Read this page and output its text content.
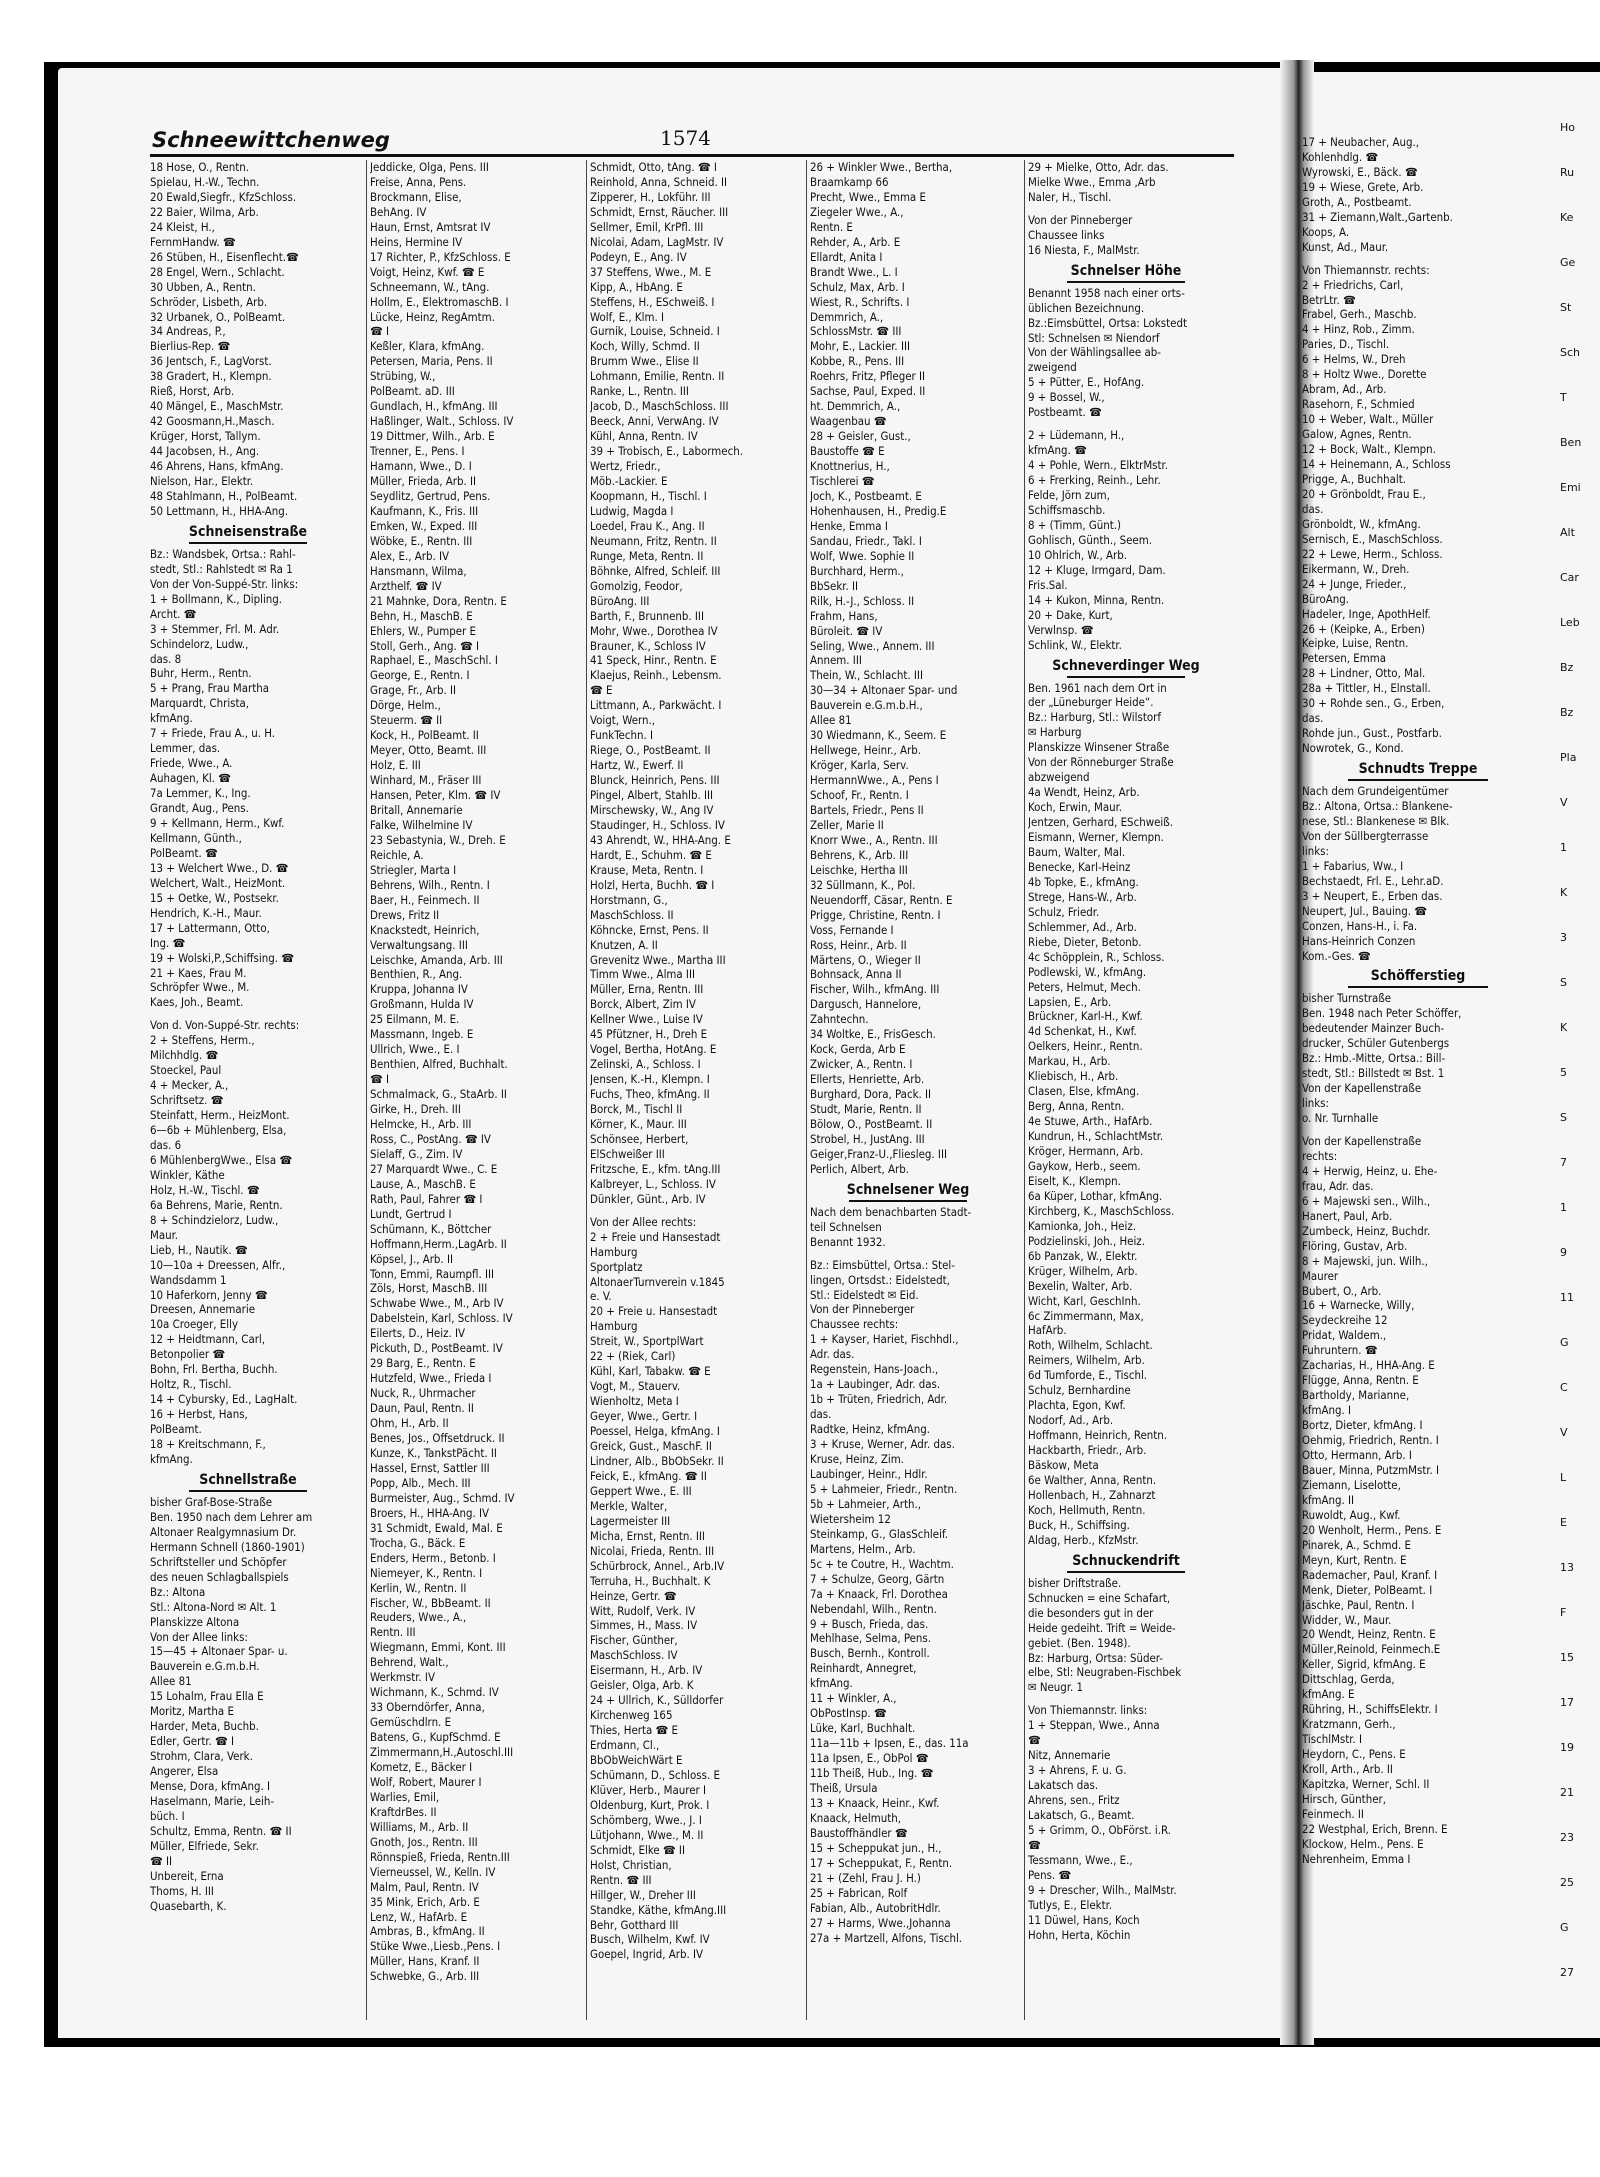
Schneewittchenweg	1574
18 Hose, O., Rentn.
Spielau, H.-W., Techn.
20 Ewald,Siegfr., KfzSchloss.
22 Baier, Wilma, Arb.
24 Kleist, H.,
FernmHandw. ☎
26 Stüben, H., Eisenflecht.☎
28 Engel, Wern., Schlacht.
30 Ubben, A., Rentn.
Schröder, Lisbeth, Arb.
32 Urbanek, O., PolBeamt.
34 Andreas, P.,
Bierlius-Rep. ☎
36 Jentsch, F., LagVorst.
38 Gradert, H., Klempn.
Rieß, Horst, Arb.
40 Mängel, E., MaschMstr.
42 Goosmann,H.,Masch.
Krüger, Horst, Tallym.
44 Jacobsen, H., Ang.
46 Ahrens, Hans, kfmAng.
Nielson, Har., Elektr.
48 Stahlmann, H., PolBeamt.
50 Lettmann, H., HHA-Ang.
Schneisenstraße
Bz.: Wandsbek, Ortsa.: Rahl-
stedt, Stl.: Rahlstedt ✉ Ra 1
Von der Von-Suppé-Str. links:
1 + Bollmann, K., Dipling.
Archt. ☎
3 + Stemmer, Frl. M. Adr.
Schindelorz, Ludw.,
das. 8
Buhr, Herm., Rentn.
5 + Prang, Frau Martha
Marquardt, Christa,
kfmAng.
7 + Friede, Frau A., u. H.
Lemmer, das.
Friede, Wwe., A.
Auhagen, Kl. ☎
7a Lemmer, K., Ing.
Grandt, Aug., Pens.
9 + Kellmann, Herm., Kwf.
Kellmann, Günth.,
PolBeamt. ☎
13 + Welchert Wwe., D. ☎
Welchert, Walt., HeizMont.
15 + Oetke, W., Postsekr.
Hendrich, K.-H., Maur.
17 + Lattermann, Otto,
Ing. ☎
19 + Wolski,P.,Schiffsing. ☎
21 + Kaes, Frau M.
Schröpfer Wwe., M.
Kaes, Joh., Beamt.
Von d. Von-Suppé-Str. rechts:
2 + Steffens, Herm.,
Milchhdlg. ☎
Stoeckel, Paul
4 + Mecker, A.,
Schriftsetz. ☎
Steinfatt, Herm., HeizMont.
6—6b + Mühlenberg, Elsa,
das. 6
6 MühlenbergWwe., Elsa ☎
Winkler, Käthe
Holz, H.-W., Tischl. ☎
6a Behrens, Marie, Rentn.
8 + Schindzielorz, Ludw.,
Maur.
Lieb, H., Nautik. ☎
10—10a + Dreessen, Alfr.,
Wandsdamm 1
10 Haferkorn, Jenny ☎
Dreesen, Annemarie
10a Croeger, Elly
12 + Heidtmann, Carl,
Betonpolier ☎
Bohn, Frl. Bertha, Buchh.
Holtz, R., Tischl.
14 + Cybursky, Ed., LagHalt.
16 + Herbst, Hans,
PolBeamt.
18 + Kreitschmann, F.,
kfmAng.
Schnellstraße
bisher Graf-Bose-Straße
Ben. 1950 nach dem Lehrer am
Altonaer Realgymnasium Dr.
Hermann Schnell (1860-1901)
Schriftsteller und Schöpfer
des neuen Schlagballspiels
Bz.: Altona
Stl.: Altona-Nord ✉ Alt. 1
Planskizze Altona
Von der Allee links:
15—45 + Altonaer Spar- u.
Bauverein e.G.m.b.H.
Allee 81
15 Lohalm, Frau Ella E
Moritz, Martha E
Harder, Meta, Buchb.
Edler, Gertr. ☎ I
Strohm, Clara, Verk.
Angerer, Elsa
Mense, Dora, kfmAng. I
Haselmann, Marie, Leih-
büch. I
Schultz, Emma, Rentn. ☎ II
Müller, Elfriede, Sekr.
☎ II
Unbereit, Erna
Thoms, H. III
Quasebarth, K.
Jeddicke, Olga, Pens. III
Freise, Anna, Pens.
Brockmann, Elise,
BehAng. IV
Haun, Ernst, Amtsrat IV
Heins, Hermine IV
17 Richter, P., KfzSchloss. E
Voigt, Heinz, Kwf. ☎ E
Schneemann, W., tAng.
Hollm, E., ElektromaschB. I
Lücke, Heinz, RegAmtm.
☎ I
Keßler, Klara, kfmAng.
Petersen, Maria, Pens. II
Strübing, W.,
PolBeamt. aD. III
Gundlach, H., kfmAng. III
Haßlinger, Walt., Schloss. IV
19 Dittmer, Wilh., Arb. E
Trenner, E., Pens. I
Hamann, Wwe., D. I
Müller, Frieda, Arb. II
Seydlitz, Gertrud, Pens.
Kaufmann, K., Fris. III
Emken, W., Exped. III
Wöbke, E., Rentn. III
Alex, E., Arb. IV
Hansmann, Wilma,
Arzthelf. ☎ IV
21 Mahnke, Dora, Rentn. E
Behn, H., MaschB. E
Ehlers, W., Pumper E
Stoll, Gerh., Ang. ☎ I
Raphael, E., MaschSchl. I
George, E., Rentn. I
Grage, Fr., Arb. II
Dörge, Helm.,
Steuerm. ☎ II
Kock, H., PolBeamt. II
Meyer, Otto, Beamt. III
Holz, E. III
Winhard, M., Fräser III
Hansen, Peter, Klm. ☎ IV
Britall, Annemarie
Falke, Wilhelmine IV
23 Sebastynia, W., Dreh. E
Reichle, A.
Striegler, Marta I
Behrens, Wilh., Rentn. I
Baer, H., Feinmech. II
Drews, Fritz II
Knackstedt, Heinrich,
Verwaltungsang. III
Leischke, Amanda, Arb. III
Benthien, R., Ang.
Kruppa, Johanna IV
Großmann, Hulda IV
25 Eilmann, M. E.
Massmann, Ingeb. E
Ullrich, Wwe., E. I
Benthien, Alfred, Buchhalt.
☎ I
Schmalmack, G., StaArb. II
Girke, H., Dreh. III
Helmcke, H., Arb. III
Ross, C., PostAng. ☎ IV
Sielaff, G., Zim. IV
27 Marquardt Wwe., C. E
Lause, A., MaschB. E
Rath, Paul, Fahrer ☎ I
Lundt, Gertrud I
Schümann, K., Böttcher
Hoffmann,Herm.,LagArb. II
Köpsel, J., Arb. II
Tonn, Emmi, Raumpfl. III
Zöls, Horst, MaschB. III
Schwabe Wwe., M., Arb IV
Dabelstein, Karl, Schloss. IV
Eilerts, D., Heiz. IV
Pickuth, D., PostBeamt. IV
29 Barg, E., Rentn. E
Hutzfeld, Wwe., Frieda I
Nuck, R., Uhrmacher
Daun, Paul, Rentn. II
Ohm, H., Arb. II
Benes, Jos., Offsetdruck. II
Kunze, K., TankstPächt. II
Hassel, Ernst, Sattler III
Popp, Alb., Mech. III
Burmeister, Aug., Schmd. IV
Broers, H., HHA-Ang. IV
31 Schmidt, Ewald, Mal. E
Trocha, G., Bäck. E
Enders, Herm., Betonb. I
Niemeyer, K., Rentn. I
Kerlin, W., Rentn. II
Fischer, W., BbBeamt. II
Reuders, Wwe., A.,
Rentn. III
Wiegmann, Emmi, Kont. III
Behrend, Walt.,
Werkmstr. IV
Wichmann, K., Schmd. IV
33 Oberndörfer, Anna,
Gemüschdlrn. E
Batens, G., KupfSchmd. E
Zimmermann,H.,Autoschl.III
Kometz, E., Bäcker I
Wolf, Robert, Maurer I
Warlies, Emil,
KraftdrBes. II
Williams, M., Arb. II
Gnoth, Jos., Rentn. III
Rönnspieß, Frieda, Rentn.III
Vierneussel, W., Kelln. IV
Malm, Paul, Rentn. IV
35 Mink, Erich, Arb. E
Lenz, W., HafArb. E
Ambras, B., kfmAng. II
Stüke Wwe.,Liesb.,Pens. I
Müller, Hans, Kranf. II
Schwebke, G., Arb. III
Schmidt, Otto, tAng. ☎ I
Reinhold, Anna, Schneid. II
Zipperer, H., Lokführ. III
Schmidt, Ernst, Räucher. III
Sellmer, Emil, KrPfl. III
Nicolai, Adam, LagMstr. IV
Podeyn, E., Ang. IV
37 Steffens, Wwe., M. E
Kipp, A., HbAng. E
Steffens, H., ESchweiß. I
Wolf, E., Klm. I
Gurnik, Louise, Schneid. I
Koch, Willy, Schmd. II
Brumm Wwe., Elise II
Lohmann, Emilie, Rentn. II
Ranke, L., Rentn. III
Jacob, D., MaschSchloss. III
Beeck, Anni, VerwAng. IV
Kühl, Anna, Rentn. IV
39 + Trobisch, E., Labormech.
Wertz, Friedr.,
Möb.-Lackier. E
Koopmann, H., Tischl. I
Ludwig, Magda I
Loedel, Frau K., Ang. II
Neumann, Fritz, Rentn. II
Runge, Meta, Rentn. II
Böhnke, Alfred, Schleif. III
Gomolzig, Feodor,
BüroAng. III
Barth, F., Brunnenb. III
Mohr, Wwe., Dorothea IV
Brauner, K., Schloss IV
41 Speck, Hinr., Rentn. E
Klaejus, Reinh., Lebensm.
☎ E
Littmann, A., Parkwächt. I
Voigt, Wern.,
FunkTechn. I
Riege, O., PostBeamt. II
Hartz, W., Ewerf. II
Blunck, Heinrich, Pens. III
Pingel, Albert, Stahlb. III
Mirschewsky, W., Ang IV
Staudinger, H., Schloss. IV
43 Ahrendt, W., HHA-Ang. E
Hardt, E., Schuhm. ☎ E
Krause, Meta, Rentn. I
Holzl, Herta, Buchh. ☎ I
Horstmann, G.,
MaschSchloss. II
Köhncke, Ernst, Pens. II
Knutzen, A. II
Grevenitz Wwe., Martha III
Timm Wwe., Alma III
Müller, Erna, Rentn. III
Borck, Albert, Zim IV
Kellner Wwe., Luise IV
45 Pfützner, H., Dreh E
Vogel, Bertha, HotAng. E
Zelinski, A., Schloss. I
Jensen, K.-H., Klempn. I
Fuchs, Theo, kfmAng. II
Borck, M., Tischl II
Körner, K., Maur. III
Schönsee, Herbert,
ElSchweißer III
Fritzsche, E., kfm. tAng.III
Kalbreyer, L., Schloss. IV
Dünkler, Günt., Arb. IV
Von der Allee rechts:
2 + Freie und Hansestadt
Hamburg
Sportplatz
AltonaerTurnverein v.1845
e. V.
20 + Freie u. Hansestadt
Hamburg
Streit, W., SportplWart
22 + (Riek, Carl)
Kühl, Karl, Tabakw. ☎ E
Vogt, M., Stauerv.
Wienholtz, Meta I
Geyer, Wwe., Gertr. I
Poessel, Helga, kfmAng. I
Greick, Gust., MaschF. II
Lindner, Alb., BbObSekr. II
Feick, E., kfmAng. ☎ II
Geppert Wwe., E. III
Merkle, Walter,
Lagermeister III
Micha, Ernst, Rentn. III
Nicolai, Frieda, Rentn. III
Schürbrock, Annel., Arb.IV
Terruha, H., Buchhalt. K
Heinze, Gertr. ☎
Witt, Rudolf, Verk. IV
Simmes, H., Mass. IV
Fischer, Günther,
MaschSchloss. IV
Eisermann, H., Arb. IV
Geisler, Olga, Arb. K
24 + Ullrich, K., Sülldorfer
Kirchenweg 165
Thies, Herta ☎ E
Erdmann, Cl.,
BbObWeichWärt E
Schümann, D., Schloss. E
Klüver, Herb., Maurer I
Oldenburg, Kurt, Prok. I
Schömberg, Wwe., J. I
Lütjohann, Wwe., M. II
Schmidt, Elke ☎ II
Holst, Christian,
Rentn. ☎ III
Hillger, W., Dreher III
Standke, Käthe, kfmAng.III
Behr, Gotthard III
Busch, Wilhelm, Kwf. IV
Goepel, Ingrid, Arb. IV
26 + Winkler Wwe., Bertha,
Braamkamp 66
Precht, Wwe., Emma E
Ziegeler Wwe., A.,
Rentn. E
Rehder, A., Arb. E
Ellardt, Anita I
Brandt Wwe., L. I
Schulz, Max, Arb. I
Wiest, R., Schrifts. I
Demmrich, A.,
SchlossMstr. ☎ III
Mohr, E., Lackier. III
Kobbe, R., Pens. III
Roehrs, Fritz, Pfleger II
Sachse, Paul, Exped. II
ht. Demmrich, A.,
Waagenbau ☎
28 + Geisler, Gust.,
Baustoffe ☎ E
Knottnerius, H.,
Tischlerei ☎
Joch, K., Postbeamt. E
Hohenhausen, H., Predig.E
Henke, Emma I
Sandau, Friedr., Takl. I
Wolf, Wwe. Sophie II
Burchhard, Herm.,
BbSekr. II
Rilk, H.-J., Schloss. II
Frahm, Hans,
Büroleit. ☎ IV
Seling, Wwe., Annem. III
Annem. III
Thein, W., Schlacht. III
30—34 + Altonaer Spar- und
Bauverein e.G.m.b.H.,
Allee 81
30 Wiedmann, K., Seem. E
Hellwege, Heinr., Arb.
Kröger, Karla, Serv.
HermannWwe., A., Pens I
Schoof, Fr., Rentn. I
Bartels, Friedr., Pens II
Zeller, Marie II
Knorr Wwe., A., Rentn. III
Behrens, K., Arb. III
Leischke, Hertha III
32 Süllmann, K., Pol.
Neuendorff, Cäsar, Rentn. E
Prigge, Christine, Rentn. I
Voss, Fernande I
Ross, Heinr., Arb. II
Märtens, O., Wieger II
Bohnsack, Anna II
Fischer, Wilh., kfmAng. III
Dargusch, Hannelore,
Zahntechn.
34 Woltke, E., FrisGesch.
Kock, Gerda, Arb E
Zwicker, A., Rentn. I
Ellerts, Henriette, Arb.
Burghard, Dora, Pack. II
Studt, Marie, Rentn. II
Bölow, O., PostBeamt. II
Strobel, H., JustAng. III
Geiger,Franz-U.,Fliesleg. III
Perlich, Albert, Arb.
Schnelsener Weg
Nach dem benachbarten Stadt-
teil Schnelsen
Benannt 1932.
Bz.: Eimsbüttel, Ortsa.: Stel-
lingen, Ortsdst.: Eidelstedt,
Stl.: Eidelstedt ✉ Eid.
Von der Pinneberger
Chaussee rechts:
1 + Kayser, Hariet, Fischhdl.,
Adr. das.
Regenstein, Hans-Joach.,
1a + Laubinger, Adr. das.
1b + Trüten, Friedrich, Adr.
das.
Radtke, Heinz, kfmAng.
3 + Kruse, Werner, Adr. das.
Kruse, Heinz, Zim.
Laubinger, Heinr., Hdlr.
5 + Lahmeier, Friedr., Rentn.
5b + Lahmeier, Arth.,
Wietersheim 12
Steinkamp, G., GlasSchleif.
Martens, Helm., Arb.
5c + te Coutre, H., Wachtm.
7 + Schulze, Georg, Gärtn
7a + Knaack, Frl. Dorothea
Nebendahl, Wilh., Rentn.
9 + Busch, Frieda, das.
Mehlhase, Selma, Pens.
Busch, Bernh., Kontroll.
Reinhardt, Annegret,
kfmAng.
11 + Winkler, A.,
ObPostInsp. ☎
Lüke, Karl, Buchhalt.
11a—11b + Ipsen, E., das. 11a
11a Ipsen, E., ObPol ☎
11b Theiß, Hub., Ing. ☎
Theiß, Ursula
13 + Knaack, Heinr., Kwf.
Knaack, Helmuth,
Baustoffhändler ☎
15 + Scheppukat jun., H.,
17 + Scheppukat, F., Rentn.
21 + (Zehl, Frau J. H.)
25 + Fabrican, Rolf
Fabian, Alb., AutobritHdlr.
27 + Harms, Wwe.,Johanna
27a + Martzell, Alfons, Tischl.
29 + Mielke, Otto, Adr. das.
Mielke Wwe., Emma ,Arb
Naler, H., Tischl.
Von der Pinneberger
Chaussee links
16 Niesta, F., MalMstr.
Schnelser Höhe
Benannt 1958 nach einer orts-
üblichen Bezeichnung.
Bz.:Eimsbüttel, Ortsa: Lokstedt
Stl: Schnelsen ✉ Niendorf
Von der Wählingsallee ab-
zweigend
5 + Pütter, E., HofAng.
9 + Bossel, W.,
Postbeamt. ☎
2 + Lüdemann, H.,
kfmAng. ☎
4 + Pohle, Wern., ElktrMstr.
6 + Frerking, Reinh., Lehr.
Felde, Jörn zum,
Schiffsmaschb.
8 + (Timm, Günt.)
Gohlisch, Günth., Seem.
10 Ohlrich, W., Arb.
12 + Kluge, Irmgard, Dam.
Fris.Sal.
14 + Kukon, Minna, Rentn.
20 + Dake, Kurt,
Verwlnsp. ☎
Schlink, W., Elektr.
Schneverdinger Weg
Ben. 1961 nach dem Ort in
der „Lüneburger Heide“.
Bz.: Harburg, Stl.: Wilstorf
✉ Harburg
Planskizze Winsener Straße
Von der Rönneburger Straße
abzweigend
4a Wendt, Heinz, Arb.
Koch, Erwin, Maur.
Jentzen, Gerhard, ESchweiß.
Eismann, Werner, Klempn.
Baum, Walter, Mal.
Benecke, Karl-Heinz
4b Topke, E., kfmAng.
Strege, Hans-W., Arb.
Schulz, Friedr.
Schlemmer, Ad., Arb.
Riebe, Dieter, Betonb.
4c Schöpplein, R., Schloss.
Podlewski, W., kfmAng.
Peters, Helmut, Mech.
Lapsien, E., Arb.
Brückner, Karl-H., Kwf.
4d Schenkat, H., Kwf.
Oelkers, Heinr., Rentn.
Markau, H., Arb.
Kliebisch, H., Arb.
Clasen, Else, kfmAng.
Berg, Anna, Rentn.
4e Stuwe, Arth., HafArb.
Kundrun, H., SchlachtMstr.
Kröger, Hermann, Arb.
Gaykow, Herb., seem.
Eiselt, K., Klempn.
6a Küper, Lothar, kfmAng.
Kirchberg, K., MaschSchloss.
Kamionka, Joh., Heiz.
Podzielinski, Joh., Heiz.
6b Panzak, W., Elektr.
Krüger, Wilhelm, Arb.
Bexelin, Walter, Arb.
Wicht, Karl, GeschInh.
6c Zimmermann, Max,
HafArb.
Roth, Wilhelm, Schlacht.
Reimers, Wilhelm, Arb.
6d Tumforde, E., Tischl.
Schulz, Bernhardine
Plachta, Egon, Kwf.
Nodorf, Ad., Arb.
Hoffmann, Heinrich, Rentn.
Hackbarth, Friedr., Arb.
Bäskow, Meta
6e Walther, Anna, Rentn.
Hollenbach, H., Zahnarzt
Koch, Hellmuth, Rentn.
Buck, H., Schiffsing.
Aldag, Herb., KfzMstr.
Schnuckendrift
bisher Driftstraße.
Schnucken = eine Schafart,
die besonders gut in der
Heide gedeiht. Trift = Weide-
gebiet. (Ben. 1948).
Bz: Harburg, Ortsa: Süder-
elbe, Stl: Neugraben-Fischbek
✉ Neugr. 1
Von Thiemannstr. links:
1 + Steppan, Wwe., Anna
☎
Nitz, Annemarie
3 + Ahrens, F. u. G.
Lakatsch das.
Ahrens, sen., Fritz
Lakatsch, G., Beamt.
5 + Grimm, O., ObFörst. i.R.
☎
Tessmann, Wwe., E.,
Pens. ☎
9 + Drescher, Wilh., MalMstr.
Tutlys, E., Elektr.
11 Düwel, Hans, Koch
Hohn, Herta, Köchin
17 + Neubacher, Aug.,
Kohlenhdlg. ☎
Wyrowski, E., Bäck. ☎
19 + Wiese, Grete, Arb.
Groth, A., Postbeamt.
31 + Ziemann,Walt.,Gartenb.
Koops, A.
Kunst, Ad., Maur.
Von Thiemannstr. rechts:
2 + Friedrichs, Carl,
BetrLtr. ☎
Frabel, Gerh., Maschb.
4 + Hinz, Rob., Zimm.
Paries, D., Tischl.
6 + Helms, W., Dreh
8 + Holtz Wwe., Dorette
Abram, Ad., Arb.
Rasehorn, F., Schmied
10 + Weber, Walt., Müller
Galow, Agnes, Rentn.
12 + Bock, Walt., Klempn.
14 + Heinemann, A., Schloss
Prigge, A., Buchhalt.
20 + Grönboldt, Frau E.,
das.
Grönboldt, W., kfmAng.
Sernisch, E., MaschSchloss.
22 + Lewe, Herm., Schloss.
Eikermann, W., Dreh.
24 + Junge, Frieder.,
BüroAng.
Hadeler, Inge, ApothHelf.
26 + (Keipke, A., Erben)
Keipke, Luise, Rentn.
Petersen, Emma
28 + Lindner, Otto, Mal.
28a + Tittler, H., Elnstall.
30 + Rohde sen., G., Erben,
das.
Rohde jun., Gust., Postfarb.
Nowrotek, G., Kond.
Schnudts Treppe
Nach dem Grundeigentümer
Bz.: Altona, Ortsa.: Blankene-
nese, Stl.: Blankenese ✉ Blk.
Von der Süllbergterrasse
links:
1 + Fabarius, Ww., I
Bechstaedt, Frl. E., Lehr.aD.
3 + Neupert, E., Erben das.
Neupert, Jul., Bauing. ☎
Conzen, Hans-H., i. Fa.
Hans-Heinrich Conzen
Kom.-Ges. ☎
Schöfferstieg
bisher Turnstraße
Ben. 1948 nach Peter Schöffer,
bedeutender Mainzer Buch-
drucker, Schüler Gutenbergs
Bz.: Hmb.-Mitte, Ortsa.: Bill-
stedt, Stl.: Billstedt ✉ Bst. 1
Von der Kapellenstraße
links:
o. Nr. Turnhalle
Von der Kapellenstraße
rechts:
4 + Herwig, Heinz, u. Ehe-
frau, Adr. das.
6 + Majewski sen., Wilh.,
Hanert, Paul, Arb.
Zumbeck, Heinz, Buchdr.
Flöring, Gustav, Arb.
8 + Majewski, jun. Wilh.,
Maurer
Bubert, O., Arb.
16 + Warnecke, Willy,
Seydeckreihe 12
Pridat, Waldem.,
Fuhruntern. ☎
Zacharias, H., HHA-Ang. E
Flügge, Anna, Rentn. E
Bartholdy, Marianne,
kfmAng. I
Bortz, Dieter, kfmAng. I
Oehmig, Friedrich, Rentn. I
Otto, Hermann, Arb. I
Bauer, Minna, PutzmMstr. I
Ziemann, Liselotte,
kfmAng. II
Ruwoldt, Aug., Kwf.
20 Wenholt, Herm., Pens. E
Pinarek, A., Schmd. E
Meyn, Kurt, Rentn. E
Rademacher, Paul, Kranf. I
Menk, Dieter, PolBeamt. I
Jäschke, Paul, Rentn. I
Widder, W., Maur.
20 Wendt, Heinz, Rentn. E
Müller,Reinold, Feinmech.E
Keller, Sigrid, kfmAng. E
Dittschlag, Gerda,
kfmAng. E
Rühring, H., SchiffsElektr. I
Kratzmann, Gerh.,
TischlMstr. I
Heydorn, C., Pens. E
Kroll, Arth., Arb. II
Kapitzka, Werner, Schl. II
Hirsch, Günther,
Feinmech. II
22 Westphal, Erich, Brenn. E
Klockow, Helm., Pens. E
Nehrenheim, Emma I
Ho
Ru
Ke
Ge
St
Sch
T
Ben
Emi
Alt
Car
Leb
Bz
Bz
Pla
V
1
K
3
S
K
5
S
7
1
9
11
G
C
V
L
E
13
F
15
17
19
21
23
25
G
27
